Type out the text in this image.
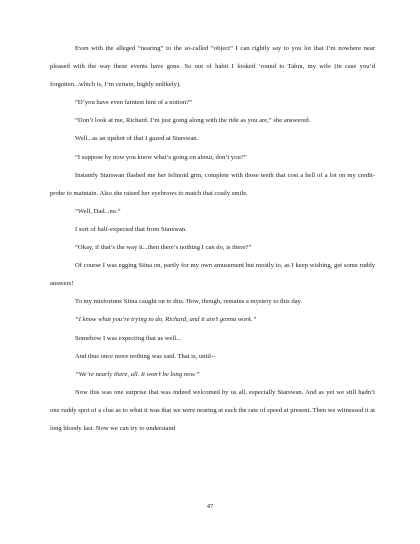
Even with the alleged “nearing” to the so-called “object” I can rightly say to you lot that I’m nowhere near pleased with the way these events have gone. So out of habit I looked ‘round to Tabra, my wife (in case you’d forgotten...which is, I’m certain, highly unlikely).

“D’you have even faintest hint of a notion?”

“Don’t look at me, Richard. I’m just going along with the ride as you are,” she answered.

Well...as an upshot of that I gazed at Starswan.

“I suppose by now you know what’s going on about, don’t you?”

Instantly Starswan flashed me her felinoid grin, complete with those teeth that cost a hell of a lot on my credit-probe to maintain. Also she raised her eyebrows to match that costly smile.

“Well, Dad...no.”

I sort of half-expected that from Starswan.

“Okay, if that’s the way it...then there’s nothing I can do, is there?”

Of course I was egging Siina on, partly for my own amusement but mostly to, as I keep wishing, get some ruddy answers!

To my misfortune Siina caught on to this. How, though, remains a mystery to this day.

“I know what you’re trying to do, Richard, and it ain’t gonna work.”

Somehow I was expecting that as well...

And thus once more nothing was said. That is, until--

“We’re nearly there, all. It won’t be long now.”

Now this was one surprise that was indeed welcomed by us all, especially Starswan. And as yet we still hadn’t one ruddy spot of a clue as to what it was that we were nearing at such the rate of speed at present. Then we witnessed it at long bloody last. Now we can try to understand

47
